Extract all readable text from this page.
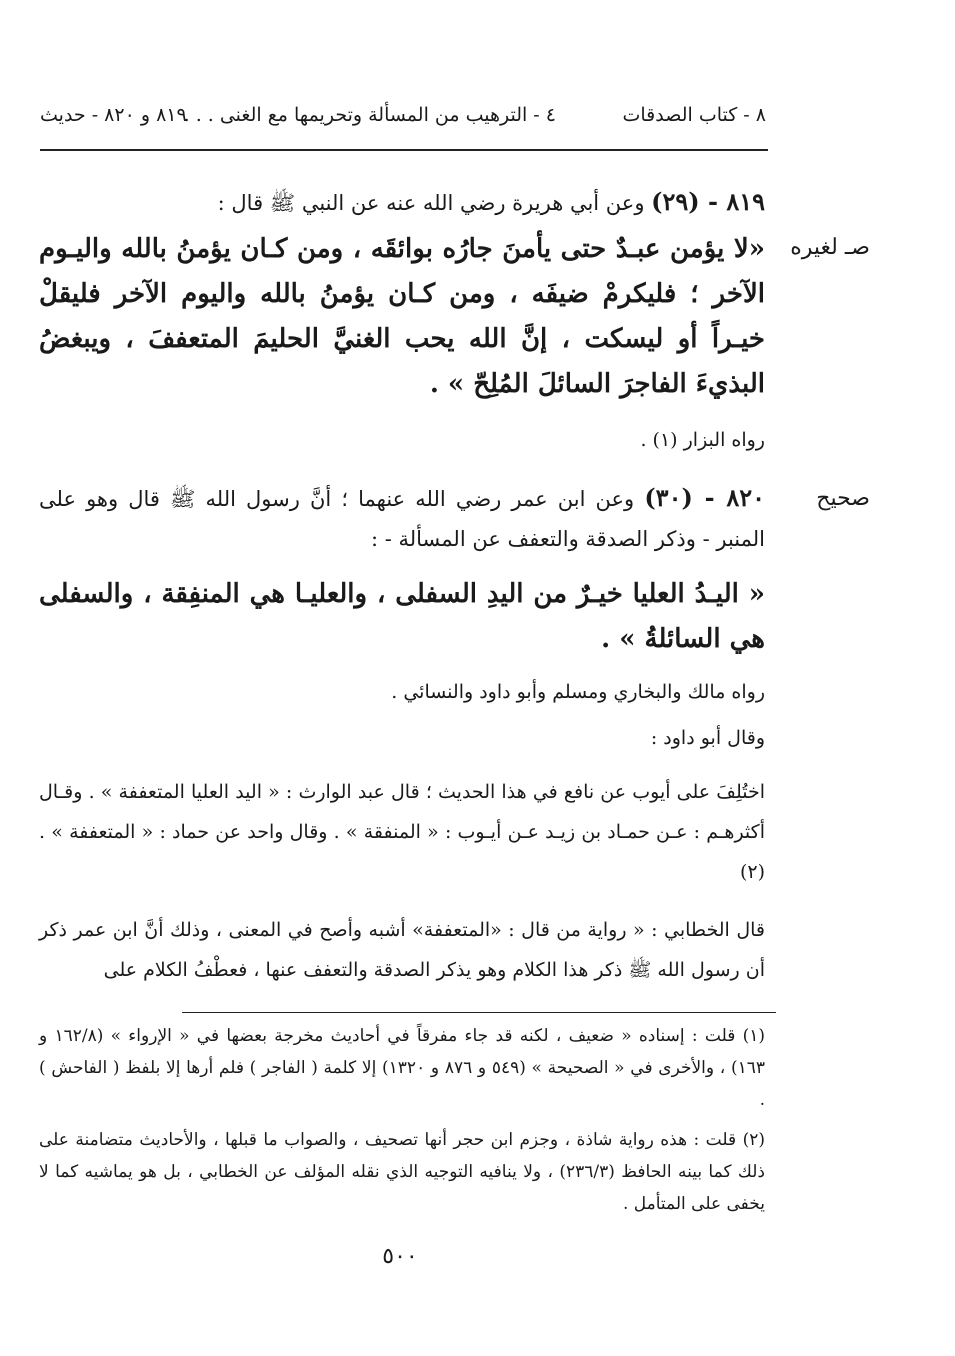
٨ - كتاب الصدقات
٤ - الترهيب من المسألة وتحريمها مع الغنى . . .
٨١٩ و ٨٢٠ - حديث
٨١٩ - (٢٩) وعن أبي هريرة رضي الله عنه عن النبي ﷺ قال :
صـ لغيره
«لا يؤمن عبـدٌ حتى يأمنَ جارُه بوائقَه ، ومن كـان يؤمنُ بالله واليـوم الآخر ؛ فليكرمْ ضيفَه ، ومن كـان يؤمنُ بالله واليوم الآخر فليقلْ خيـراً أو ليسكت ، إنَّ الله يحب الغنيَّ الحليمَ المتعففَ ، ويبغضُ البذيءَ الفاجرَ السائلَ المُلِحّ » .
رواه البزار (١) .
صحيح
٨٢٠ - (٣٠) وعن ابن عمر رضي الله عنهما ؛ أنَّ رسول الله ﷺ قال وهو على المنبر - وذكر الصدقة والتعفف عن المسألة - :
« اليـدُ العليا خيـرٌ من اليدِ السفلى ، والعليـا هي المنفِقة ، والسفلى هي السائلةُ » .
رواه مالك والبخاري ومسلم وأبو داود والنسائي .
وقال أبو داود :
اختُلِفَ على أيوب عن نافع في هذا الحديث ؛ قال عبد الوارث : « اليد العليا المتعففة » . وقـال أكثرهـم : عـن حمـاد بن زيـد عـن أيـوب : « المنفقة » . وقال واحد عن حماد : « المتعففة » .(٢)
قال الخطابي : « رواية من قال : «المتعففة» أشبه وأصح في المعنى ، وذلك أنَّ ابن عمر ذكر أن رسول الله ﷺ ذكر هذا الكلام وهو يذكر الصدقة والتعفف عنها ، فعطْفُ الكلام على
(١) قلت : إسناده « ضعيف ، لكنه قد جاء مفرقاً في أحاديث مخرجة بعضها في « الإرواء » (١٦٢/٨ و ١٦٣) ، والأخرى في « الصحيحة » (٥٤٩ و ٨٧٦ و ١٣٢٠) إلا كلمة ( الفاجر ) فلم أرها إلا بلفظ ( الفاحش ) .
(٢) قلت : هذه رواية شاذة ، وجزم ابن حجر أنها تصحيف ، والصواب ما قبلها ، والأحاديث متضامنة على ذلك كما بينه الحافظ (٢٣٦/٣) ، ولا ينافيه التوجيه الذي نقله المؤلف عن الخطابي ، بل هو يماشيه كما لا يخفى على المتأمل .
٥٠٠
